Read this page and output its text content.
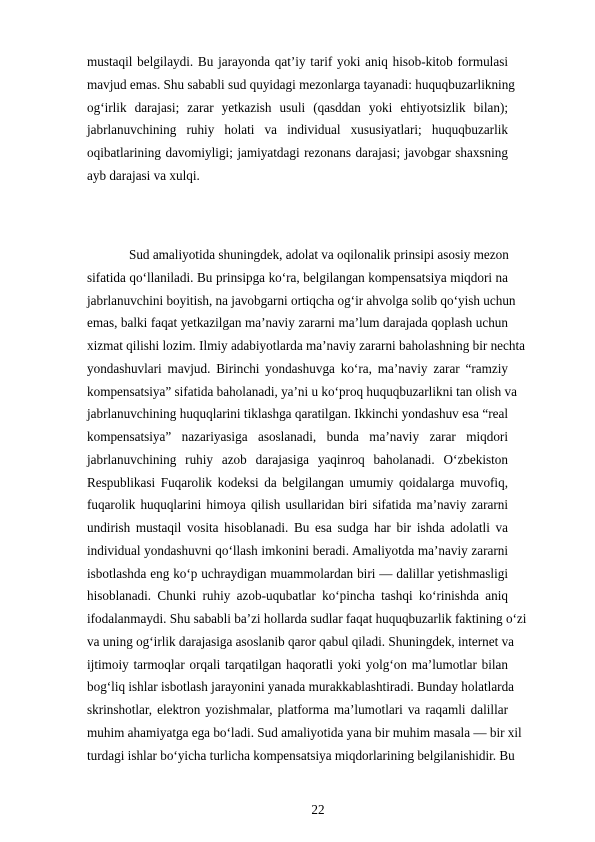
mustaqil belgilaydi. Bu jarayonda qat’iy tarif yoki aniq hisob-kitob formulasi
mavjud emas. Shu sababli sud quyidagi mezonlarga tayanadi: huquqbuzarlikning
og‘irlik darajasi; zarar yetkazish usuli (qasddan yoki ehtiyotsizlik bilan);
jabrlanuvchining ruhiy holati va individual xususiyatlari; huquqbuzarlik
oqibatlarining davomiyligi; jamiyatdagi rezonans darajasi; javobgar shaxsning
ayb darajasi va xulqi.
Sud amaliyotida shuningdek, adolat va oqilonalik prinsipi asosiy mezon
sifatida qo‘llaniladi. Bu prinsipga ko‘ra, belgilangan kompensatsiya miqdori na
jabrlanuvchini boyitish, na javobgarni ortiqcha og‘ir ahvolga solib qo‘yish uchun
emas, balki faqat yetkazilgan ma’naviy zararni ma’lum darajada qoplash uchun
xizmat qilishi lozim. Ilmiy adabiyotlarda ma’naviy zararni baholashning bir nechta
yondashuvlari mavjud. Birinchi yondashuvga ko‘ra, ma’naviy zarar “ramziy
kompensatsiya” sifatida baholanadi, ya’ni u ko‘proq huquqbuzarlikni tan olish va
jabrlanuvchining huquqlarini tiklashga qaratilgan. Ikkinchi yondashuv esa “real
kompensatsiya” nazariyasiga asoslanadi, bunda ma’naviy zarar miqdori
jabrlanuvchining ruhiy azob darajasiga yaqinroq baholanadi. O‘zbekiston
Respublikasi Fuqarolik kodeksi da belgilangan umumiy qoidalarga muvofiq,
fuqarolik huquqlarini himoya qilish usullaridan biri sifatida ma’naviy zararni
undirish mustaqil vosita hisoblanadi. Bu esa sudga har bir ishda adolatli va
individual yondashuvni qo‘llash imkonini beradi. Amaliyotda ma’naviy zararni
isbotlashda eng ko‘p uchraydigan muammolardan biri — dalillar yetishmasligi
hisoblanadi. Chunki ruhiy azob-uqubatlar ko‘pincha tashqi ko‘rinishda aniq
ifodalanmaydi. Shu sababli ba’zi hollarda sudlar faqat huquqbuzarlik faktining o‘zi
va uning og‘irlik darajasiga asoslanib qaror qabul qiladi. Shuningdek, internet va
ijtimoiy tarmoqlar orqali tarqatilgan haqoratli yoki yolg‘on ma’lumotlar bilan
bog‘liq ishlar isbotlash jarayonini yanada murakkablashtiradi. Bunday holatlarda
skrinshotlar, elektron yozishmalar, platforma ma’lumotlari va raqamli dalillar
muhim ahamiyatga ega bo‘ladi. Sud amaliyotida yana bir muhim masala — bir xil
turdagi ishlar bo‘yicha turlicha kompensatsiya miqdorlarining belgilanishidir. Bu
22
